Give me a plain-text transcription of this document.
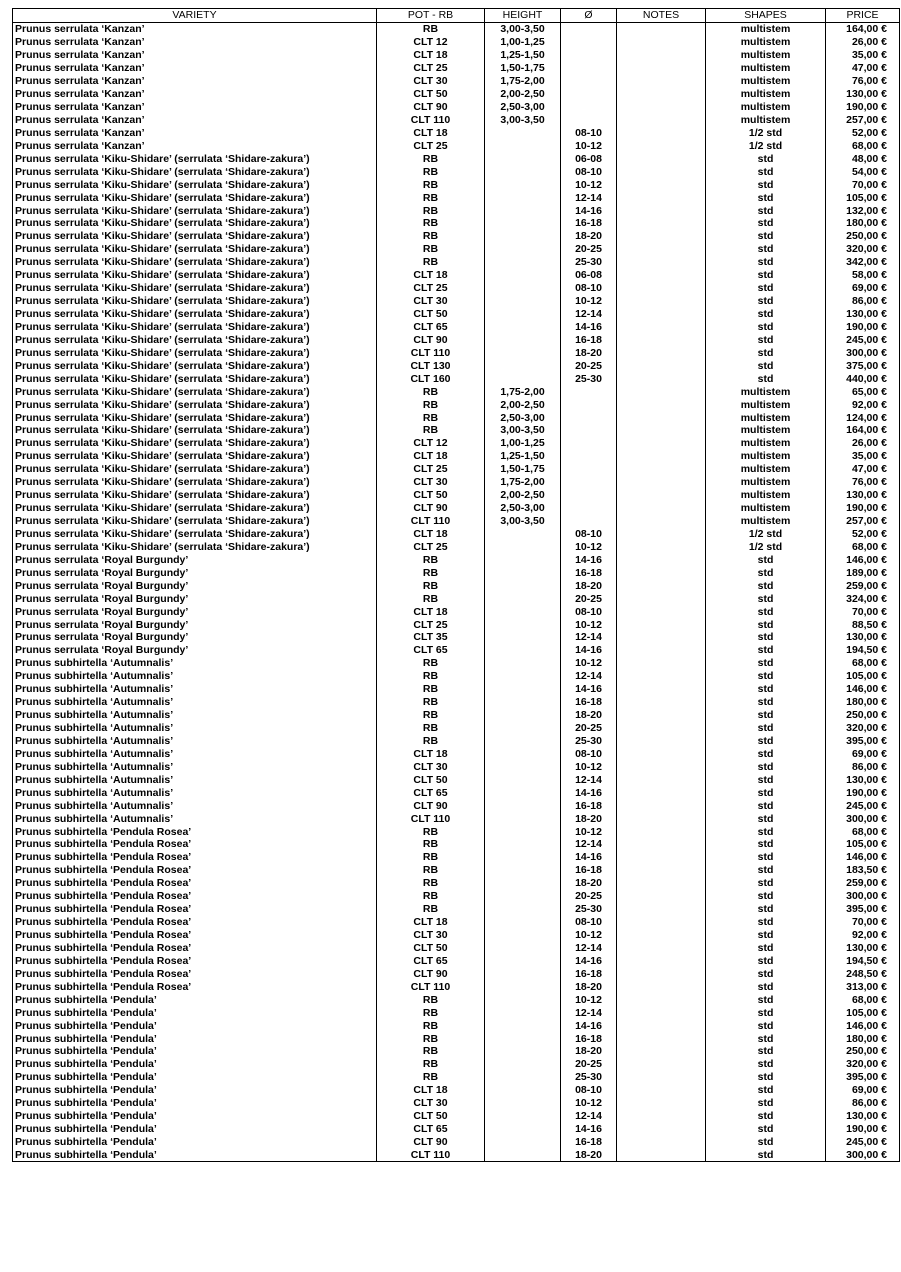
VARIETY	POT - RB	HEIGHT	Ø	NOTES	SHAPES	PRICE
Prunus serrulata ‘Kanzan’	RB	3,00-3,50			multistem	164,00 €
Prunus serrulata ‘Kanzan’	CLT 12	1,00-1,25			multistem	26,00 €
Prunus serrulata ‘Kanzan’	CLT 18	1,25-1,50			multistem	35,00 €
Prunus serrulata ‘Kanzan’	CLT 25	1,50-1,75			multistem	47,00 €
Prunus serrulata ‘Kanzan’	CLT 30	1,75-2,00			multistem	76,00 €
Prunus serrulata ‘Kanzan’	CLT 50	2,00-2,50			multistem	130,00 €
Prunus serrulata ‘Kanzan’	CLT 90	2,50-3,00			multistem	190,00 €
Prunus serrulata ‘Kanzan’	CLT 110	3,00-3,50			multistem	257,00 €
Prunus serrulata ‘Kanzan’	CLT 18		08-10		1/2 std	52,00 €
Prunus serrulata ‘Kanzan’	CLT 25		10-12		1/2 std	68,00 €
Prunus serrulata ‘Kiku-Shidare’ (serrulata ‘Shidare-zakura’)	RB		06-08		std	48,00 €
Prunus serrulata ‘Kiku-Shidare’ (serrulata ‘Shidare-zakura’)	RB		08-10		std	54,00 €
Prunus serrulata ‘Kiku-Shidare’ (serrulata ‘Shidare-zakura’)	RB		10-12		std	70,00 €
Prunus serrulata ‘Kiku-Shidare’ (serrulata ‘Shidare-zakura’)	RB		12-14		std	105,00 €
Prunus serrulata ‘Kiku-Shidare’ (serrulata ‘Shidare-zakura’)	RB		14-16		std	132,00 €
Prunus serrulata ‘Kiku-Shidare’ (serrulata ‘Shidare-zakura’)	RB		16-18		std	180,00 €
Prunus serrulata ‘Kiku-Shidare’ (serrulata ‘Shidare-zakura’)	RB		18-20		std	250,00 €
Prunus serrulata ‘Kiku-Shidare’ (serrulata ‘Shidare-zakura’)	RB		20-25		std	320,00 €
Prunus serrulata ‘Kiku-Shidare’ (serrulata ‘Shidare-zakura’)	RB		25-30		std	342,00 €
Prunus serrulata ‘Kiku-Shidare’ (serrulata ‘Shidare-zakura’)	CLT 18		06-08		std	58,00 €
Prunus serrulata ‘Kiku-Shidare’ (serrulata ‘Shidare-zakura’)	CLT 25		08-10		std	69,00 €
Prunus serrulata ‘Kiku-Shidare’ (serrulata ‘Shidare-zakura’)	CLT 30		10-12		std	86,00 €
Prunus serrulata ‘Kiku-Shidare’ (serrulata ‘Shidare-zakura’)	CLT 50		12-14		std	130,00 €
Prunus serrulata ‘Kiku-Shidare’ (serrulata ‘Shidare-zakura’)	CLT 65		14-16		std	190,00 €
Prunus serrulata ‘Kiku-Shidare’ (serrulata ‘Shidare-zakura’)	CLT 90		16-18		std	245,00 €
Prunus serrulata ‘Kiku-Shidare’ (serrulata ‘Shidare-zakura’)	CLT 110		18-20		std	300,00 €
Prunus serrulata ‘Kiku-Shidare’ (serrulata ‘Shidare-zakura’)	CLT 130		20-25		std	375,00 €
Prunus serrulata ‘Kiku-Shidare’ (serrulata ‘Shidare-zakura’)	CLT 160		25-30		std	440,00 €
Prunus serrulata ‘Kiku-Shidare’ (serrulata ‘Shidare-zakura’)	RB	1,75-2,00			multistem	65,00 €
Prunus serrulata ‘Kiku-Shidare’ (serrulata ‘Shidare-zakura’)	RB	2,00-2,50			multistem	92,00 €
Prunus serrulata ‘Kiku-Shidare’ (serrulata ‘Shidare-zakura’)	RB	2,50-3,00			multistem	124,00 €
Prunus serrulata ‘Kiku-Shidare’ (serrulata ‘Shidare-zakura’)	RB	3,00-3,50			multistem	164,00 €
Prunus serrulata ‘Kiku-Shidare’ (serrulata ‘Shidare-zakura’)	CLT 12	1,00-1,25			multistem	26,00 €
Prunus serrulata ‘Kiku-Shidare’ (serrulata ‘Shidare-zakura’)	CLT 18	1,25-1,50			multistem	35,00 €
Prunus serrulata ‘Kiku-Shidare’ (serrulata ‘Shidare-zakura’)	CLT 25	1,50-1,75			multistem	47,00 €
Prunus serrulata ‘Kiku-Shidare’ (serrulata ‘Shidare-zakura’)	CLT 30	1,75-2,00			multistem	76,00 €
Prunus serrulata ‘Kiku-Shidare’ (serrulata ‘Shidare-zakura’)	CLT 50	2,00-2,50			multistem	130,00 €
Prunus serrulata ‘Kiku-Shidare’ (serrulata ‘Shidare-zakura’)	CLT 90	2,50-3,00			multistem	190,00 €
Prunus serrulata ‘Kiku-Shidare’ (serrulata ‘Shidare-zakura’)	CLT 110	3,00-3,50			multistem	257,00 €
Prunus serrulata ‘Kiku-Shidare’ (serrulata ‘Shidare-zakura’)	CLT 18		08-10		1/2 std	52,00 €
Prunus serrulata ‘Kiku-Shidare’ (serrulata ‘Shidare-zakura’)	CLT 25		10-12		1/2 std	68,00 €
Prunus serrulata ‘Royal Burgundy’	RB		14-16		std	146,00 €
Prunus serrulata ‘Royal Burgundy’	RB		16-18		std	189,00 €
Prunus serrulata ‘Royal Burgundy’	RB		18-20		std	259,00 €
Prunus serrulata ‘Royal Burgundy’	RB		20-25		std	324,00 €
Prunus serrulata ‘Royal Burgundy’	CLT 18		08-10		std	70,00 €
Prunus serrulata ‘Royal Burgundy’	CLT 25		10-12		std	88,50 €
Prunus serrulata ‘Royal Burgundy’	CLT 35		12-14		std	130,00 €
Prunus serrulata ‘Royal Burgundy’	CLT 65		14-16		std	194,50 €
Prunus subhirtella ‘Autumnalis’	RB		10-12		std	68,00 €
Prunus subhirtella ‘Autumnalis’	RB		12-14		std	105,00 €
Prunus subhirtella ‘Autumnalis’	RB		14-16		std	146,00 €
Prunus subhirtella ‘Autumnalis’	RB		16-18		std	180,00 €
Prunus subhirtella ‘Autumnalis’	RB		18-20		std	250,00 €
Prunus subhirtella ‘Autumnalis’	RB		20-25		std	320,00 €
Prunus subhirtella ‘Autumnalis’	RB		25-30		std	395,00 €
Prunus subhirtella ‘Autumnalis’	CLT 18		08-10		std	69,00 €
Prunus subhirtella ‘Autumnalis’	CLT 30		10-12		std	86,00 €
Prunus subhirtella ‘Autumnalis’	CLT 50		12-14		std	130,00 €
Prunus subhirtella ‘Autumnalis’	CLT 65		14-16		std	190,00 €
Prunus subhirtella ‘Autumnalis’	CLT 90		16-18		std	245,00 €
Prunus subhirtella ‘Autumnalis’	CLT 110		18-20		std	300,00 €
Prunus subhirtella ‘Pendula Rosea’	RB		10-12		std	68,00 €
Prunus subhirtella ‘Pendula Rosea’	RB		12-14		std	105,00 €
Prunus subhirtella ‘Pendula Rosea’	RB		14-16		std	146,00 €
Prunus subhirtella ‘Pendula Rosea’	RB		16-18		std	183,50 €
Prunus subhirtella ‘Pendula Rosea’	RB		18-20		std	259,00 €
Prunus subhirtella ‘Pendula Rosea’	RB		20-25		std	300,00 €
Prunus subhirtella ‘Pendula Rosea’	RB		25-30		std	395,00 €
Prunus subhirtella ‘Pendula Rosea’	CLT 18		08-10		std	70,00 €
Prunus subhirtella ‘Pendula Rosea’	CLT 30		10-12		std	92,00 €
Prunus subhirtella ‘Pendula Rosea’	CLT 50		12-14		std	130,00 €
Prunus subhirtella ‘Pendula Rosea’	CLT 65		14-16		std	194,50 €
Prunus subhirtella ‘Pendula Rosea’	CLT 90		16-18		std	248,50 €
Prunus subhirtella ‘Pendula Rosea’	CLT 110		18-20		std	313,00 €
Prunus subhirtella ‘Pendula’	RB		10-12		std	68,00 €
Prunus subhirtella ‘Pendula’	RB		12-14		std	105,00 €
Prunus subhirtella ‘Pendula’	RB		14-16		std	146,00 €
Prunus subhirtella ‘Pendula’	RB		16-18		std	180,00 €
Prunus subhirtella ‘Pendula’	RB		18-20		std	250,00 €
Prunus subhirtella ‘Pendula’	RB		20-25		std	320,00 €
Prunus subhirtella ‘Pendula’	RB		25-30		std	395,00 €
Prunus subhirtella ‘Pendula’	CLT 18		08-10		std	69,00 €
Prunus subhirtella ‘Pendula’	CLT 30		10-12		std	86,00 €
Prunus subhirtella ‘Pendula’	CLT 50		12-14		std	130,00 €
Prunus subhirtella ‘Pendula’	CLT 65		14-16		std	190,00 €
Prunus subhirtella ‘Pendula’	CLT 90		16-18		std	245,00 €
Prunus subhirtella ‘Pendula’	CLT 110		18-20		std	300,00 €
